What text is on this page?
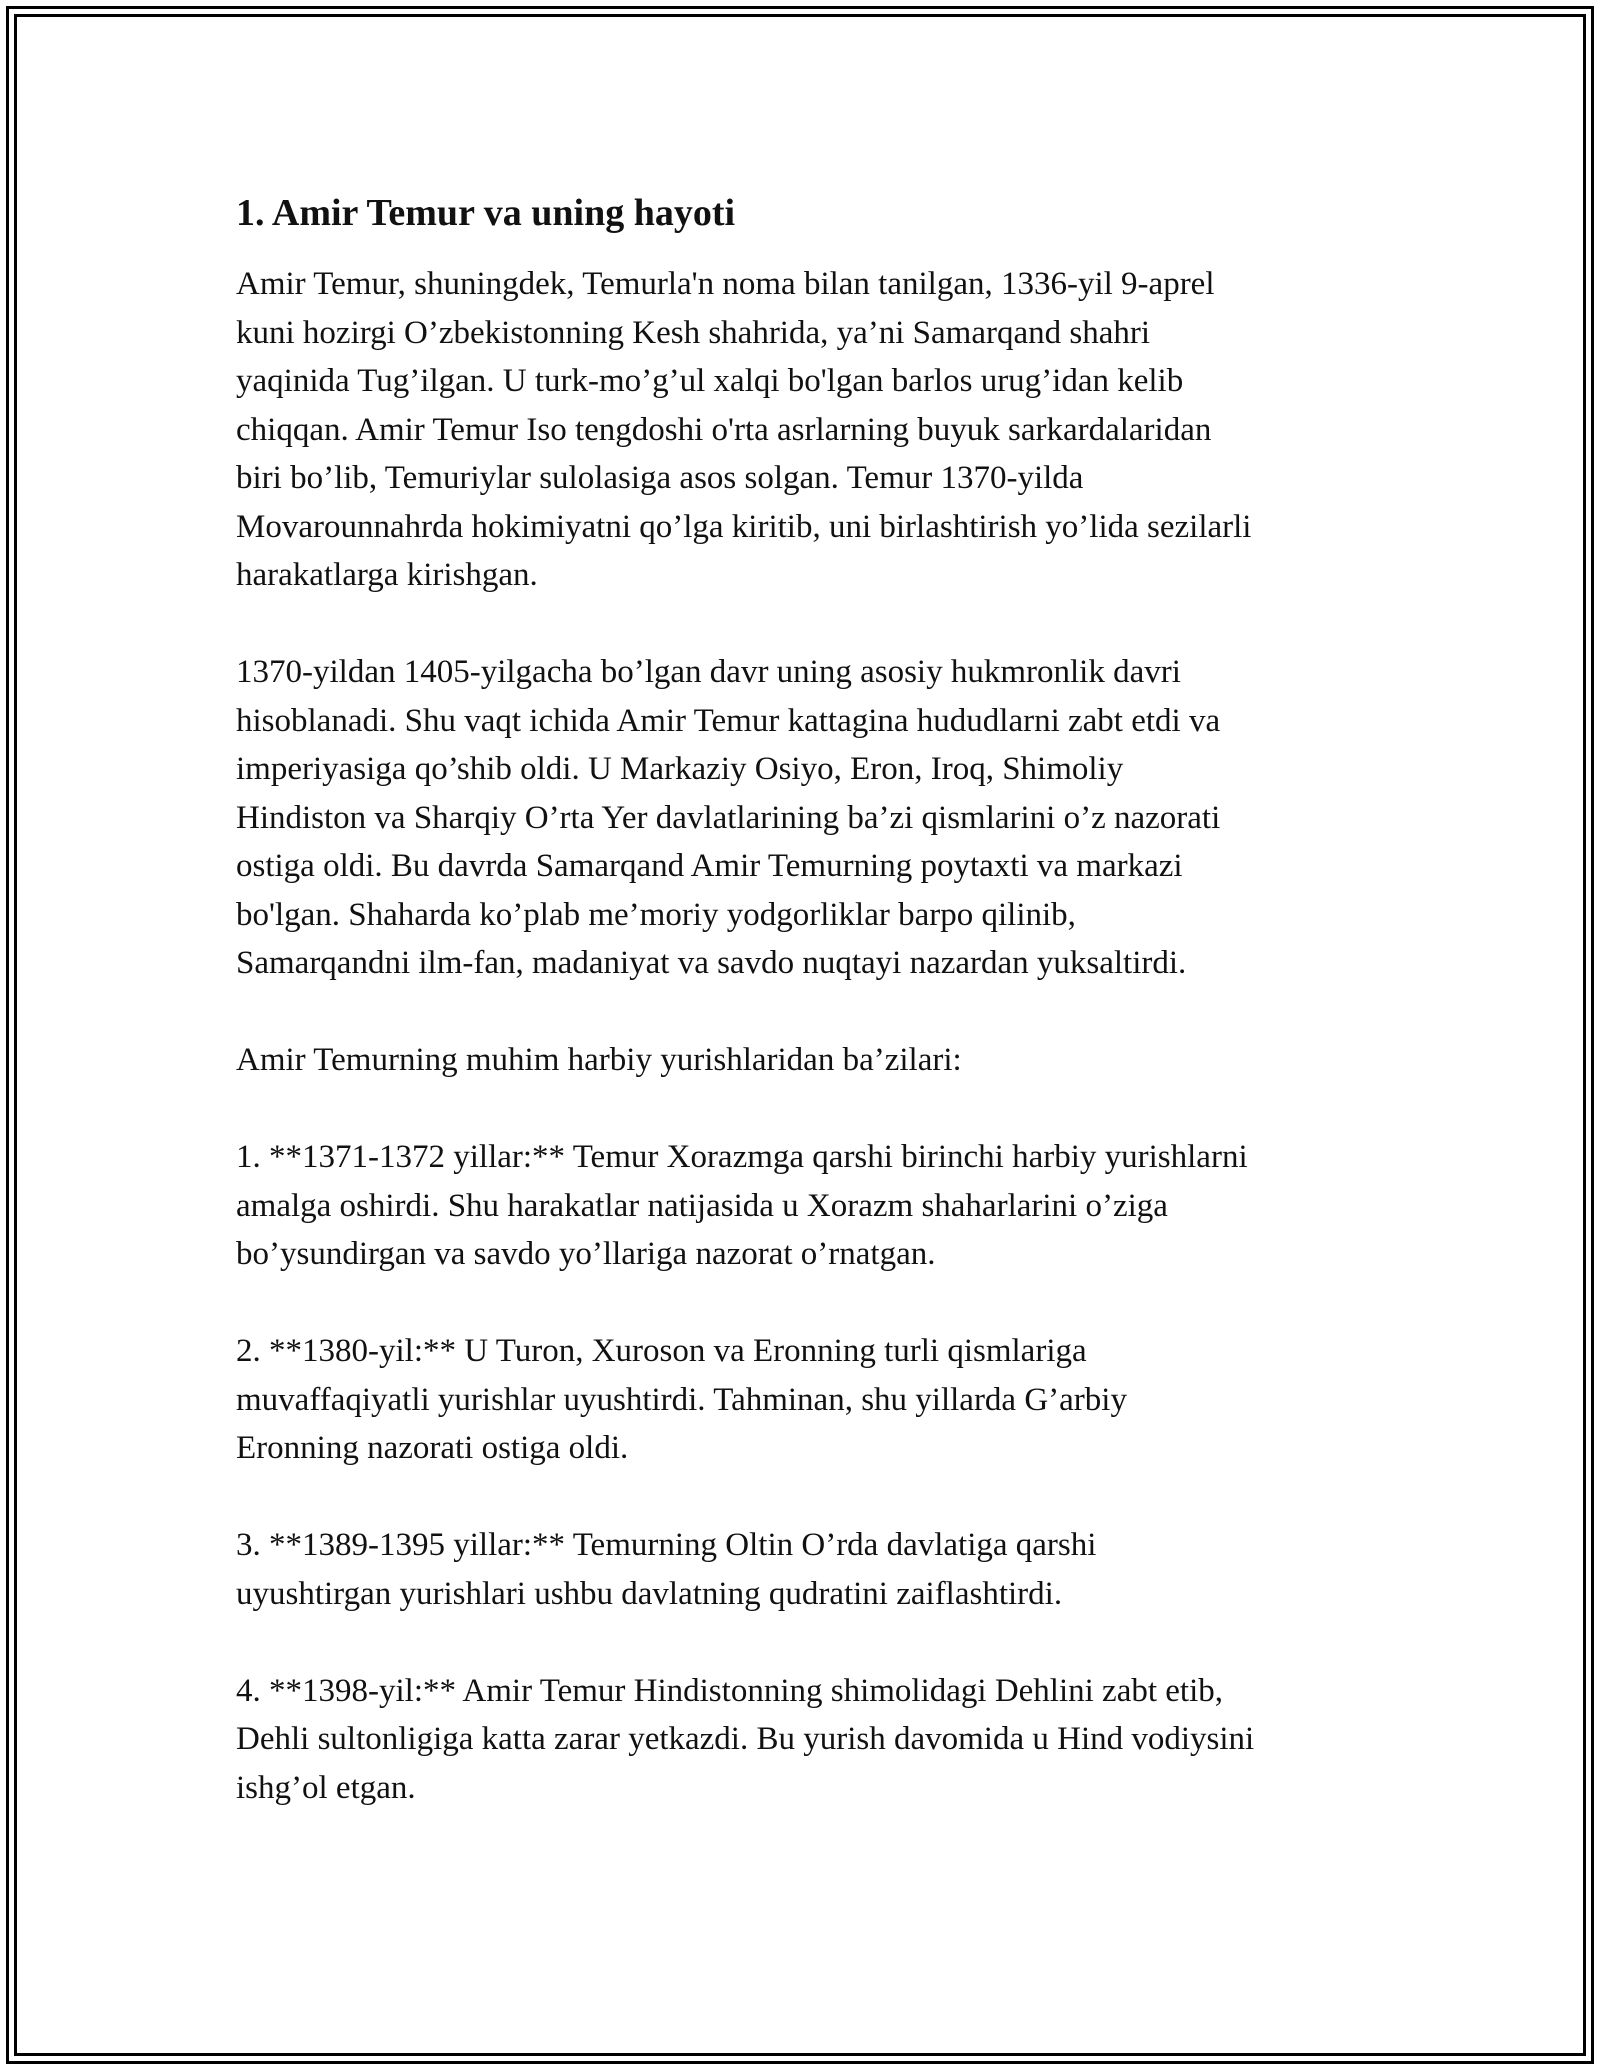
1. Amir Temur va uning hayoti

Amir Temur, shuningdek, Temurla'n noma bilan tanilgan, 1336-yil 9-aprel
kuni hozirgi O’zbekistonning Kesh shahrida, ya’ni Samarqand shahri
yaqinida Tug’ilgan. U turk-mo’g’ul xalqi bo'lgan barlos urug’idan kelib
chiqqan. Amir Temur Iso tengdoshi o'rta asrlarning buyuk sarkardalaridan
biri bo’lib, Temuriylar sulolasiga asos solgan. Temur 1370-yilda
Movarounnahrda hokimiyatni qo’lga kiritib, uni birlashtirish yo’lida sezilarli
harakatlarga kirishgan.

1370-yildan 1405-yilgacha bo’lgan davr uning asosiy hukmronlik davri
hisoblanadi. Shu vaqt ichida Amir Temur kattagina hududlarni zabt etdi va
imperiyasiga qo’shib oldi. U Markaziy Osiyo, Eron, Iroq, Shimoliy
Hindiston va Sharqiy O’rta Yer davlatlarining ba’zi qismlarini o’z nazorati
ostiga oldi. Bu davrda Samarqand Amir Temurning poytaxti va markazi
bo'lgan. Shaharda ko’plab me’moriy yodgorliklar barpo qilinib,
Samarqandni ilm-fan, madaniyat va savdo nuqtayi nazardan yuksaltirdi.

Amir Temurning muhim harbiy yurishlaridan ba’zilari:

1. **1371-1372 yillar:** Temur Xorazmga qarshi birinchi harbiy yurishlarni
amalga oshirdi. Shu harakatlar natijasida u Xorazm shaharlarini o’ziga
bo’ysundirgan va savdo yo’llariga nazorat o’rnatgan.

2. **1380-yil:** U Turon, Xuroson va Eronning turli qismlariga
muvaffaqiyatli yurishlar uyushtirdi. Tahminan, shu yillarda G’arbiy
Eronning nazorati ostiga oldi.

3. **1389-1395 yillar:** Temurning Oltin O’rda davlatiga qarshi
uyushtirgan yurishlari ushbu davlatning qudratini zaiflashtirdi.

4. **1398-yil:** Amir Temur Hindistonning shimolidagi Dehlini zabt etib,
Dehli sultonligiga katta zarar yetkazdi. Bu yurish davomida u Hind vodiysini
ishg’ol etgan.
